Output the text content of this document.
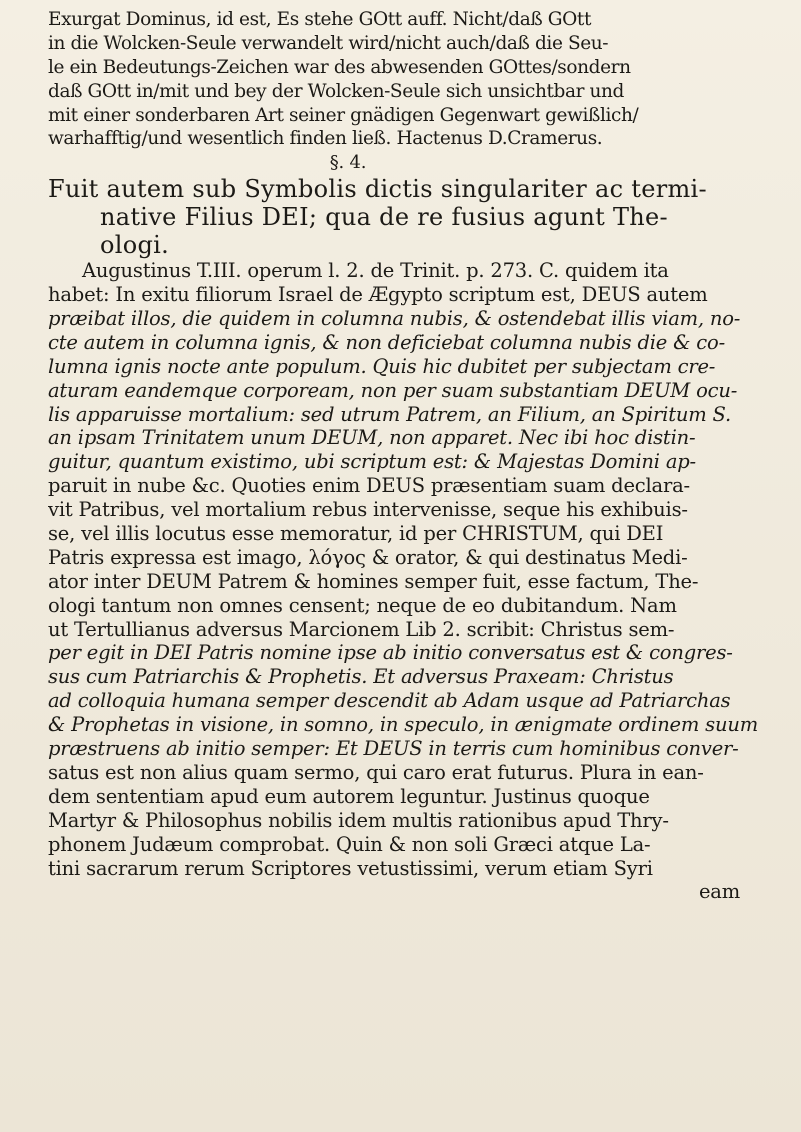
Exurgat Dominus, id est, Es stehe GOtt auff. Nicht/daß GOtt
in die Wolcken-Seule verwandelt wird/nicht auch/daß die Seu-
le ein Bedeutungs-Zeichen war des abwesenden GOttes/sondern
daß GOtt in/mit und bey der Wolcken-Seule sich unsichtbar und
mit einer sonderbaren Art seiner gnädigen Gegenwart gewißlich/
warhafftig/und wesentlich finden ließ. Hactenus D.Cramerus.
§. 4.
Fuit autem sub Symbolis dictis singulariter ac termi-
native Filius DEI; qua de re fusius agunt The-
ologi.
Augustinus T.III. operum l. 2. de Trinit. p. 273. C. quidem ita
habet: In exitu filiorum Israel de Ægypto scriptum est, DEUS autem
præibat illos, die quidem in columna nubis, & ostendebat illis viam, no-
cte autem in columna ignis, & non deficiebat columna nubis die & co-
lumna ignis nocte ante populum. Quis hic dubitet per subjectam cre-
aturam eandemque corpoream, non per suam substantiam DEUM ocu-
lis apparuisse mortalium: sed utrum Patrem, an Filium, an Spiritum S.
an ipsam Trinitatem unum DEUM, non apparet. Nec ibi hoc distin-
guitur, quantum existimo, ubi scriptum est: & Majestas Domini ap-
paruit in nube &c. Quoties enim DEUS præsentiam suam declara-
vit Patribus, vel mortalium rebus intervenisse, seque his exhibuis-
se, vel illis locutus esse memoratur, id per CHRISTUM, qui DEI
Patris expressa est imago, λόγος & orator, & qui destinatus Medi-
ator inter DEUM Patrem & homines semper fuit, esse factum, The-
ologi tantum non omnes censent; neque de eo dubitandum. Nam
ut Tertullianus adversus Marcionem Lib 2. scribit: Christus sem-
per egit in DEI Patris nomine ipse ab initio conversatus est & congres-
sus cum Patriarchis & Prophetis. Et adversus Praxeam: Christus
ad colloquia humana semper descendit ab Adam usque ad Patriarchas
& Prophetas in visione, in somno, in speculo, in ænigmate ordinem suum
præstruens ab initio semper: Et DEUS in terris cum hominibus conver-
satus est non alius quam sermo, qui caro erat futurus. Plura in ean-
dem sententiam apud eum autorem leguntur. Justinus quoque
Martyr & Philosophus nobilis idem multis rationibus apud Thry-
phonem Judæum comprobat. Quin & non soli Græci atque La-
tini sacrarum rerum Scriptores vetustissimi, verum etiam Syri
eam
